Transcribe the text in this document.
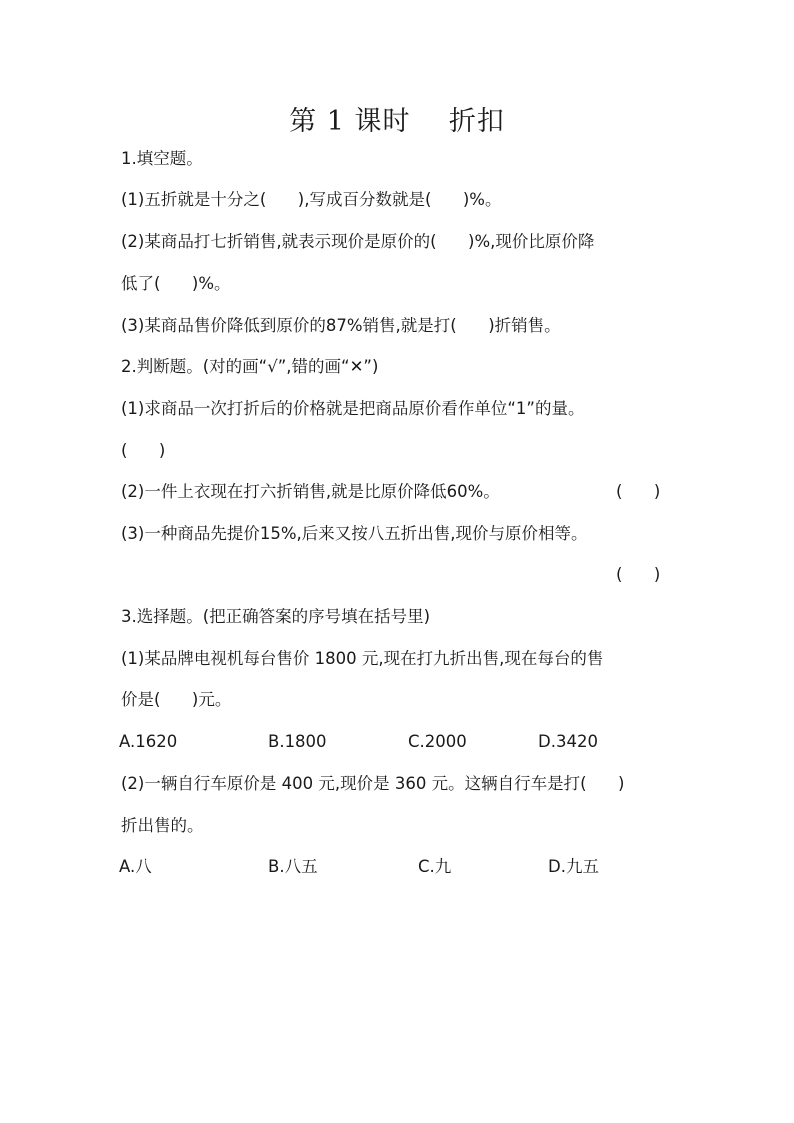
第 1 课时    折扣
1.填空题。
(1)五折就是十分之(      ),写成百分数就是(      )%。
(2)某商品打七折销售,就表示现价是原价的(      )%,现价比原价降
低了(      )%。
(3)某商品售价降低到原价的87%销售,就是打(      )折销售。
2.判断题。(对的画“√”,错的画“✕”)
(1)求商品一次打折后的价格就是把商品原价看作单位“1”的量。
(      )
(2)一件上衣现在打六折销售,就是比原价降低60%。	(      )
(3)一种商品先提价15%,后来又按八五折出售,现价与原价相等。
(      )
3.选择题。(把正确答案的序号填在括号里)
(1)某品牌电视机每台售价 1800 元,现在打九折出售,现在每台的售
价是(      )元。
A.1620	B.1800	C.2000	D.3420
(2)一辆自行车原价是 400 元,现价是 360 元。这辆自行车是打(      )
折出售的。
A.八	B.八五	C.九	D.九五
